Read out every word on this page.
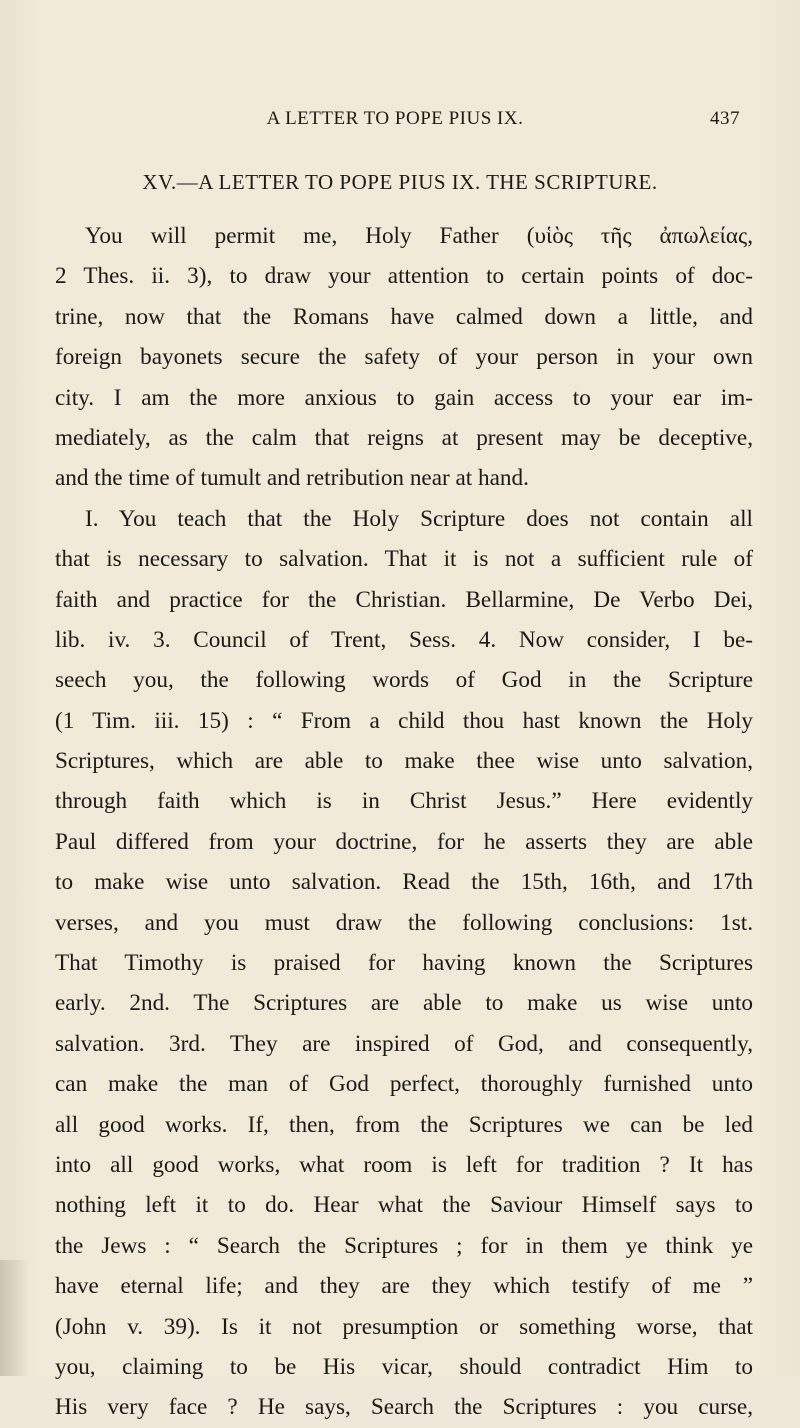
A LETTER TO POPE PIUS IX.	437
XV.—A LETTER TO POPE PIUS IX. THE SCRIPTURE.
You will permit me, Holy Father (υἱὸς τῆς ἀπωλείας,
2 Thes. ii. 3), to draw your attention to certain points of doc-
trine, now that the Romans have calmed down a little, and
foreign bayonets secure the safety of your person in your own
city. I am the more anxious to gain access to your ear im-
mediately, as the calm that reigns at present may be deceptive,
and the time of tumult and retribution near at hand.
I. You teach that the Holy Scripture does not contain all
that is necessary to salvation. That it is not a sufficient rule of
faith and practice for the Christian. Bellarmine, De Verbo Dei,
lib. iv. 3. Council of Trent, Sess. 4. Now consider, I be-
seech you, the following words of God in the Scripture
(1 Tim. iii. 15) : “ From a child thou hast known the Holy
Scriptures, which are able to make thee wise unto salvation,
through faith which is in Christ Jesus.” Here evidently
Paul differed from your doctrine, for he asserts they are able
to make wise unto salvation. Read the 15th, 16th, and 17th
verses, and you must draw the following conclusions: 1st.
That Timothy is praised for having known the Scriptures
early. 2nd. The Scriptures are able to make us wise unto
salvation. 3rd. They are inspired of God, and consequently,
can make the man of God perfect, thoroughly furnished unto
all good works. If, then, from the Scriptures we can be led
into all good works, what room is left for tradition ? It has
nothing left it to do. Hear what the Saviour Himself says to
the Jews : “ Search the Scriptures ; for in them ye think ye
have eternal life; and they are they which testify of me ”
(John v. 39). Is it not presumption or something worse, that
you, claiming to be His vicar, should contradict Him to
His very face ? He says, Search the Scriptures : you curse,
